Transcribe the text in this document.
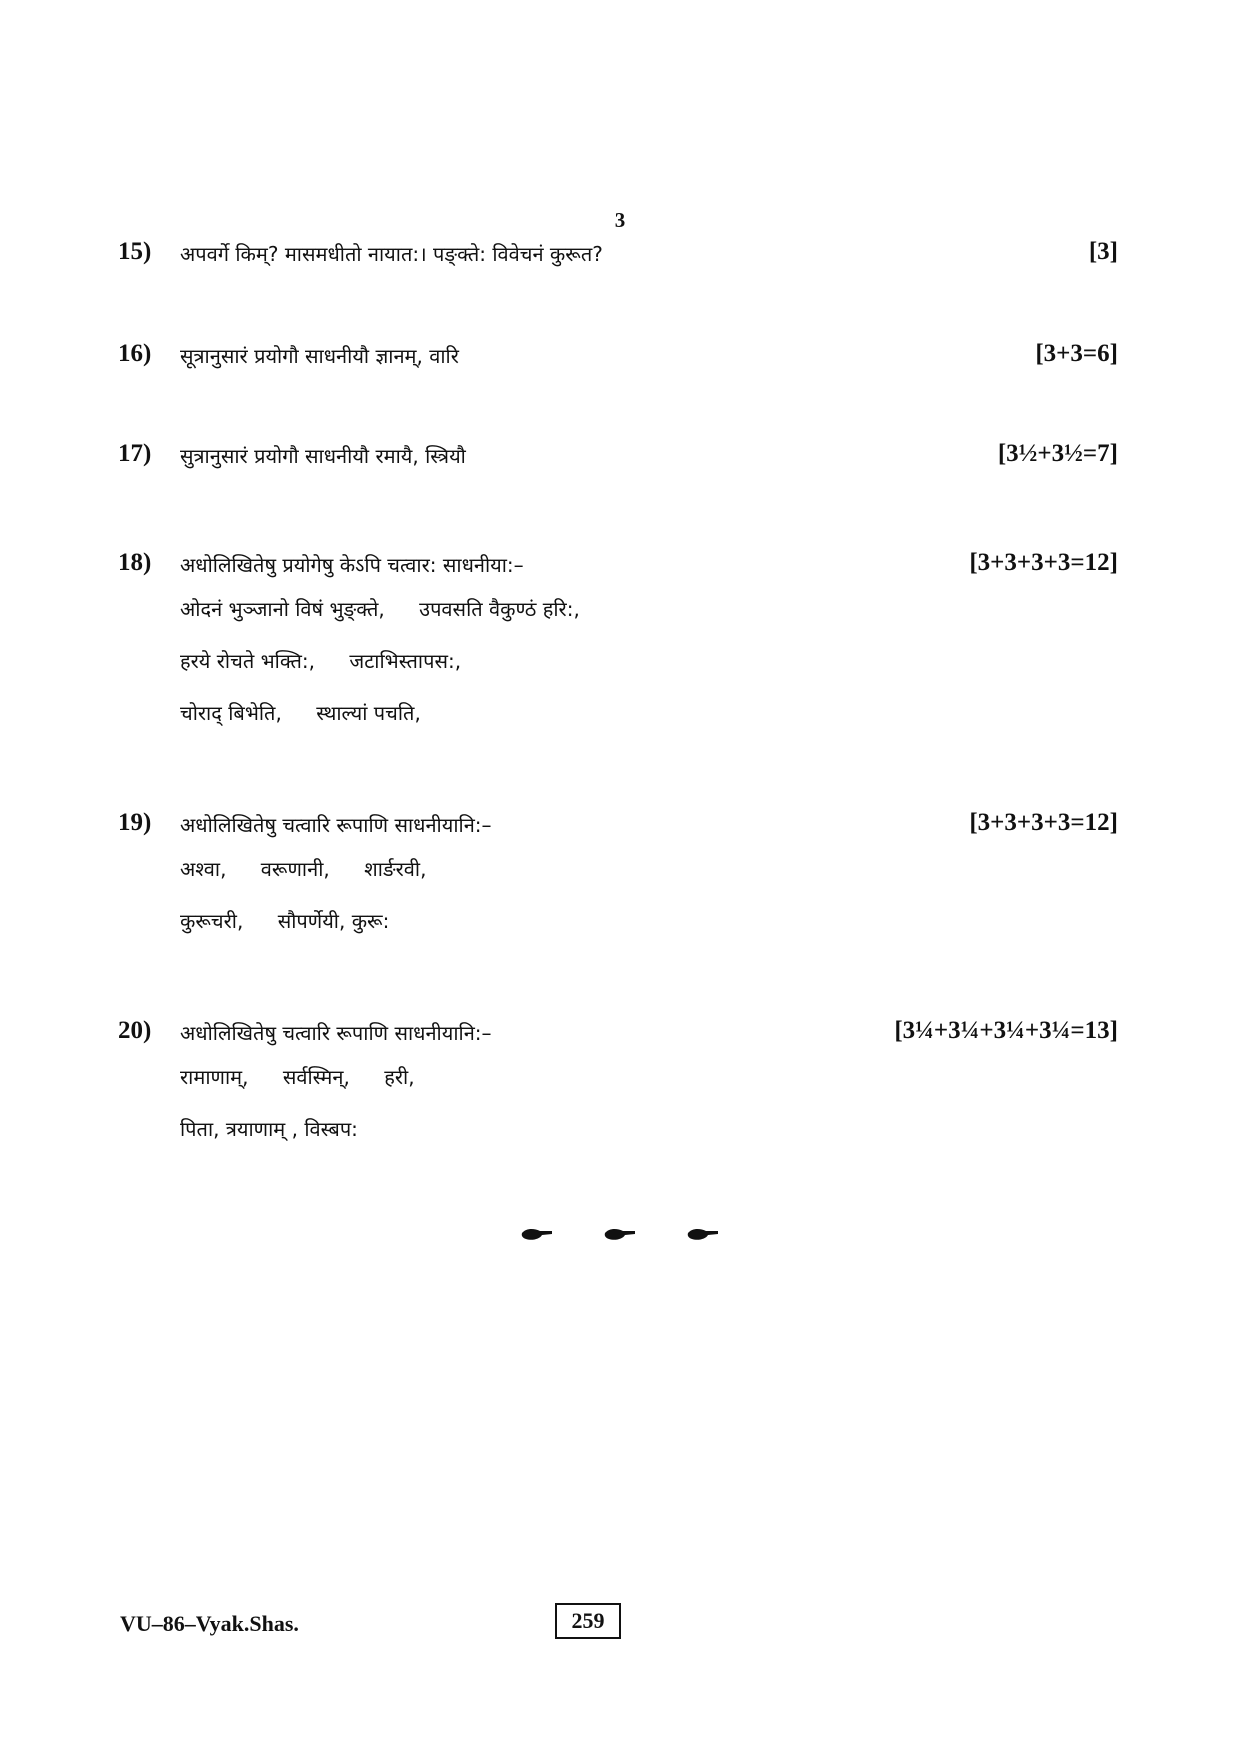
3
15) अपवर्गे किम्? मासमधीतो नायात:। पङ्क्ते: विवेचनं कुरूत?	[3]
16) सूत्रानुसारं प्रयोगौ साधनीयौ ज्ञानम्, वारि	[3+3=6]
17) सुत्रानुसारं प्रयोगौ साधनीयौ रमायै, स्त्रियौ	[3½+3½=7]
18) अधोलिखितेषु प्रयोगेषु केऽपि चत्वार: साधनीया:–	[3+3+3+3=12]
ओदनं भुञ्जानो विषं भुङ्क्ते, उपवसति वैकुण्ठं हरि:,
हरये रोचते भक्ति:, जटाभिस्तापस:,
चोराद् बिभेति, स्थाल्यां पचति,
19) अधोलिखितेषु चत्वारि रूपाणि साधनीयानि:–	[3+3+3+3=12]
अश्वा, वरूणानी, शार्ङरवी,
कुरूचरी, सौपर्णेयी, कुरू:
20) अधोलिखितेषु चत्वारि रूपाणि साधनीयानि:–	[3¼+3¼+3¼+3¼=13]
रामाणाम्, सर्वस्मिन्, हरी,
पिता, त्रयाणाम् , विस्बप:

VU–86–Vyak.Shas.	259
